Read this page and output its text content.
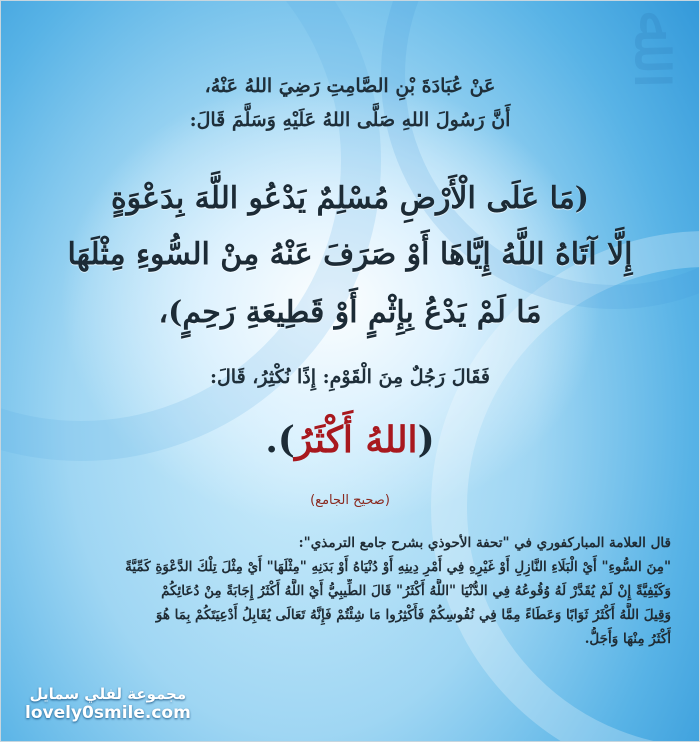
ﷲ
عَنْ عُبَادَةَ بْنِ الصَّامِتِ رَضِيَ اللهُ عَنْهُ،
أَنَّ رَسُولَ اللهِ صَلَّى اللهُ عَلَيْهِ وَسَلَّمَ قَالَ:
(مَا عَلَى الْأَرْضِ مُسْلِمٌ يَدْعُو اللَّهَ بِدَعْوَةٍ
إِلَّا آتَاهُ اللَّهُ إِيَّاهَا أَوْ صَرَفَ عَنْهُ مِنْ السُّوءِ مِثْلَهَا
مَا لَمْ يَدْعُ بِإِثْمٍ أَوْ قَطِيعَةِ رَحِمٍ)،
فَقَالَ رَجُلٌ مِنَ الْقَوْمِ: إِذًا نُكْثِرُ، قَالَ:
(اللهُ أَكْثَرُ).
(صحيح الجامع)
قال العلامة المباركفوري في "تحفة الأحوذي بشرح جامع الترمذي":
"مِنَ السُّوءِ" أَيْ الْبَلَاءِ النَّازِلِ أَوْ غَيْرِهِ فِي أَمْرِ دِينِهِ أَوْ دُنْيَاهُ أَوْ بَدَنِهِ "مِثْلَهَا" أَيْ مِثْلَ تِلْكَ الدَّعْوَةِ كَمِّيَّةً
وَكَيْفِيَّةً إِنْ لَمْ يُقَدَّرْ لَهُ وُقُوعُهُ فِي الدُّنْيَا "اللَّهُ أَكْثَرُ" قَالَ الطِّيبِيُّ أَيْ اللَّهُ أَكْثَرُ إِجَابَةً مِنْ دُعَائِكُمْ
وَقِيلَ اللَّهُ أَكْثَرُ ثَوَابًا وَعَطَاءً مِمَّا فِي نُفُوسِكُمْ فَأَكْثِرُوا مَا شِئْتُمْ فَإِنَّهُ تَعَالَى يُقَابِلُ أَدْعِيَتَكُمْ بِمَا هُوَ
أَكْثَرُ مِنْهَا وَأَجَلُّ.
مجموعة لفلي سمايل
lovely0smile.com
